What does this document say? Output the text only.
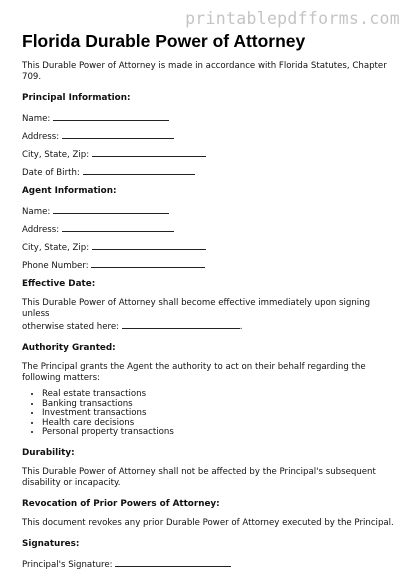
printablepdfforms.com
Florida Durable Power of Attorney

This Durable Power of Attorney is made in accordance with Florida Statutes, Chapter 709.

Principal Information:
Name:
Address:
City, State, Zip:
Date of Birth:
Agent Information:
Name:
Address:
City, State, Zip:
Phone Number:
Effective Date:

This Durable Power of Attorney shall become effective immediately upon signing unless

otherwise stated here:	.

Authority Granted:

The Principal grants the Agent the authority to act on their behalf regarding the following matters:

• Real estate transactions
• Banking transactions
• Investment transactions
• Health care decisions
• Personal property transactions
Durability:

This Durable Power of Attorney shall not be affected by the Principal's subsequent disability or incapacity.

Revocation of Prior Powers of Attorney:

This document revokes any prior Durable Power of Attorney executed by the Principal.

Signatures:
Principal's Signature:
